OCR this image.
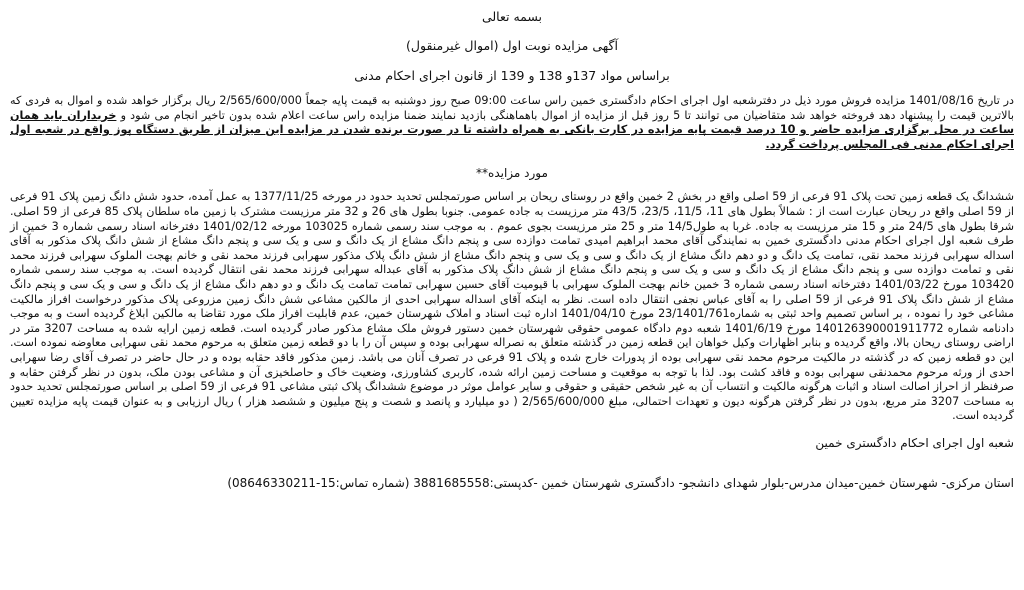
بسمه تعالی
آگهی مزایده نوبت اول (اموال غیرمنقول)
براساس مواد 137و 138 و 139 از قانون اجرای احکام مدنی

در تاریخ 1401/08/16 مزایده فروش مورد ذیل در دفترشعبه اول اجرای احکام دادگستری خمین راس ساعت 09:00 صبح روز دوشنبه به قیمت پایه جمعاً 2/565/600/000 ریال برگزار خواهد شده و اموال به فردی که بالاترین قیمت را پیشنهاد دهد فروخته خواهد شد متقاضیان می توانند تا 5 روز قبل از مزایده از اموال باهماهنگی بازدید نمایند ضمنا مزایده راس ساعت اعلام شده بدون تاخیر انجام می شود و خریداران باید همان ساعت در محل برگزاری مزایده حاضر و 10 درصد قیمت پایه مزایده در کارت بانکی به همراه داشته تا در صورت برنده شدن در مزایده این میزان از طریق دستگاه پوز واقع در شعبه اول اجرای احکام مدنی فی المجلس پرداخت گردد.

مورد مزایده**

ششدانگ یک قطعه زمین تحت پلاک 91 فرعی از 59 اصلی واقع در بخش 2 خمین واقع در روستای ریحان بر اساس صورتمجلس تحدید حدود در مورخه 1377/11/25 به عمل آمده، حدود شش دانگ زمین پلاک 91 فرعی از 59 اصلی واقع در ریحان عبارت است از : شمالاً بطول های 11، 11/5، 23/5، 43/5 متر مرزیست به جاده عمومی. جنوبا بطول های 26 و 32 متر مرزیست مشترک با زمین ماه سلطان پلاک 85 فرعی از 59 اصلی. شرقا بطول های 24/5 متر و 15 متر مرزیست به جاده. غربا به طول14/5 متر و 25 متر مرزیست بجوی عموم . به موجب سند رسمی شماره 103025 مورخه 1401/02/12 دفترخانه اسناد رسمی شماره 3 خمین از طرف شعبه اول اجرای احکام مدنی دادگستری خمین به نمایندگی آقای محمد ابراهیم امیدی تمامت دوازده سی و پنجم دانگ مشاع از یک دانگ و سی و یک سی و پنجم دانگ مشاع از شش دانگ پلاک مذکور به آقای اسداله سهرابی فرزند محمد نقی، تمامت یک دانگ و دو دهم دانگ مشاع از یک دانگ و سی و یک سی و پنجم دانگ مشاع از شش دانگ پلاک مذکور سهرابی فرزند محمد نقی و خانم بهجت الملوک سهرابی فرزند محمد نقی و تمامت دوازده سی و پنجم دانگ مشاع از یک دانگ و سی و یک سی و پنجم دانگ مشاع از شش دانگ پلاک مذکور به آقای عبداله سهرابی فرزند محمد نقی انتقال گردیده است. به موجب سند رسمی شماره 103420 مورخ 1401/03/22 دفترخانه اسناد رسمی شماره 3 خمین خانم بهجت الملوک سهرابی با قیومیت آقای حسین سهرابی تمامت تمامت یک دانگ و دو دهم دانگ مشاع از یک دانگ و سی و یک سی و پنجم دانگ مشاع از شش دانگ پلاک 91 فرعی از 59 اصلی را به آقای عباس نجفی انتقال داده است. نظر به اینکه آقای اسداله سهرابی احدی از مالکین مشاعی شش دانگ زمین مزروعی پلاک مذکور درخواست افراز مالکیت مشاعی خود را نموده ، بر اساس تصمیم واحد ثبتی به شماره23/1401/761 مورخ 1401/04/10 اداره ثبت اسناد و املاک شهرستان خمین، عدم قابلیت افراز ملک مورد تقاضا به مالکین ابلاغ گردیده است و به موجب دادنامه شماره 140126390001911772 مورخ 1401/6/19 شعبه دوم دادگاه عمومی حقوقی شهرستان خمین دستور فروش ملک مشاع مذکور صادر گردیده است. قطعه زمین ارایه شده به مساحت 3207 متر در اراضی روستای ریحان بالا، واقع گردیده و بنابر اظهارات وکیل خواهان این قطعه زمین در گذشته متعلق به نصراله سهرابی بوده و سپس آن را با دو قطعه زمین متعلق به مرحوم محمد نقی سهرابی معاوضه نموده است. این دو قطعه زمین که در گذشته در مالکیت مرحوم محمد نقی سهرابی بوده از پدورات خارج شده و پلاک 91 فرعی در تصرف آنان می باشد. زمین مذکور فاقد حقابه بوده و در حال حاضر در تصرف آقای رضا سهرابی احدی از ورثه مرحوم محمدنقی سهرابی بوده و فاقد کشت بود. لذا با توجه به موقعیت و مساحت زمین ارائه شده، کاربری کشاورزی، وضعیت خاک و حاصلخیزی آن و مشاعی بودن ملک، بدون در نظر گرفتن حقابه و صرفنظر از احراز اصالت اسناد و اثبات هرگونه مالکیت و انتساب آن به غیر شخص حقیقی و حقوقی و سایر عوامل موثر در موضوع ششدانگ پلاک ثبتی مشاعی 91 فرعی از 59 اصلی بر اساس صورتمجلس تحدید حدود به مساحت 3207 متر مربع، بدون در نظر گرفتن هرگونه دیون و تعهدات احتمالی، مبلغ 2/565/600/000 ( دو میلیارد و پانصد و شصت و پنج میلیون و ششصد هزار ) ریال ارزیابی و به عنوان قیمت پایه مزایده تعیین گردیده است.

شعبه اول اجرای احکام دادگستری خمین
استان مرکزی- شهرستان خمین-میدان مدرس-بلوار شهدای دانشجو- دادگستری شهرستان خمین -کدپستی:3881685558 (شماره تماس:15-08646330211)
